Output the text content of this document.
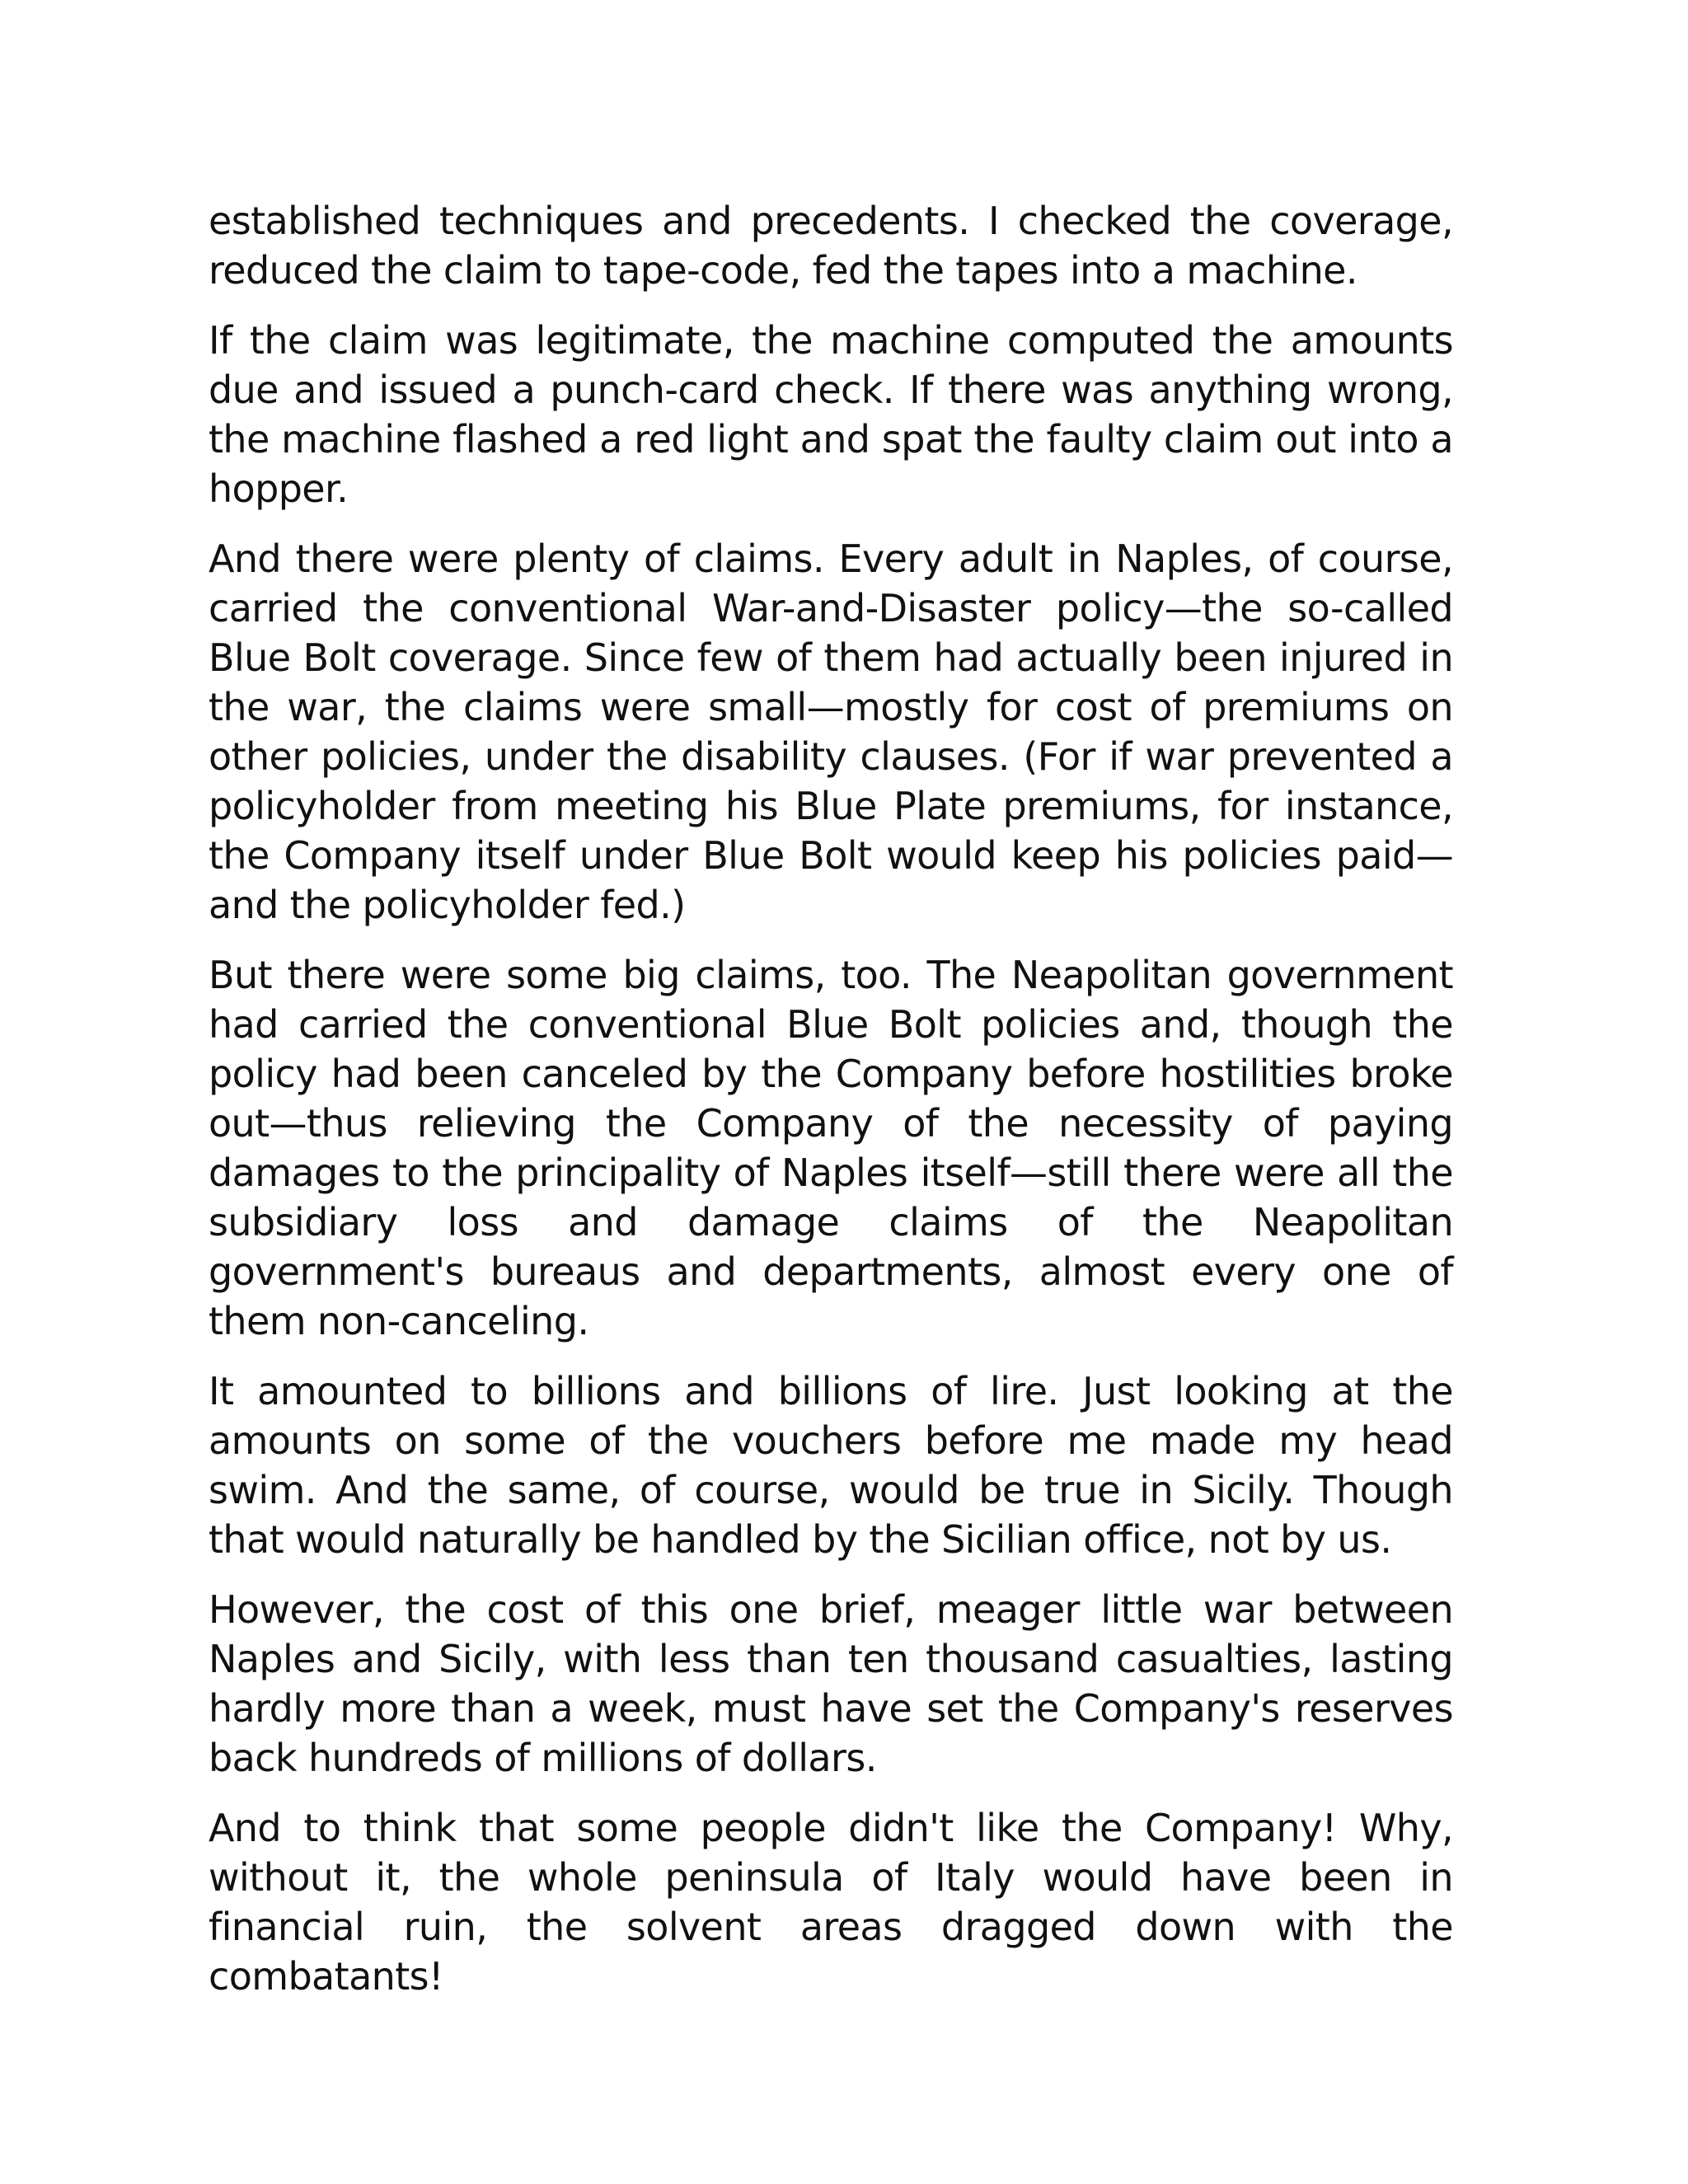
established techniques and precedents. I checked the coverage, reduced the claim to tape-code, fed the tapes into a machine.

If the claim was legitimate, the machine computed the amounts due and issued a punch-card check. If there was anything wrong, the machine flashed a red light and spat the faulty claim out into a hopper.

And there were plenty of claims. Every adult in Naples, of course, carried the conventional War-and-Disaster policy—the so-called Blue Bolt coverage. Since few of them had actually been injured in the war, the claims were small—mostly for cost of premiums on other policies, under the disability clauses. (For if war prevented a policyholder from meeting his Blue Plate premiums, for instance, the Company itself under Blue Bolt would keep his policies paid—and the policyholder fed.)

But there were some big claims, too. The Neapolitan government had carried the conventional Blue Bolt policies and, though the policy had been canceled by the Company before hostilities broke out—thus relieving the Company of the necessity of paying damages to the principality of Naples itself—still there were all the subsidiary loss and damage claims of the Neapolitan government's bureaus and departments, almost every one of them non-canceling.

It amounted to billions and billions of lire. Just looking at the amounts on some of the vouchers before me made my head swim. And the same, of course, would be true in Sicily. Though that would naturally be handled by the Sicilian office, not by us.

However, the cost of this one brief, meager little war between Naples and Sicily, with less than ten thousand casualties, lasting hardly more than a week, must have set the Company's reserves back hundreds of millions of dollars.

And to think that some people didn't like the Company! Why, without it, the whole peninsula of Italy would have been in financial ruin, the solvent areas dragged down with the combatants!
